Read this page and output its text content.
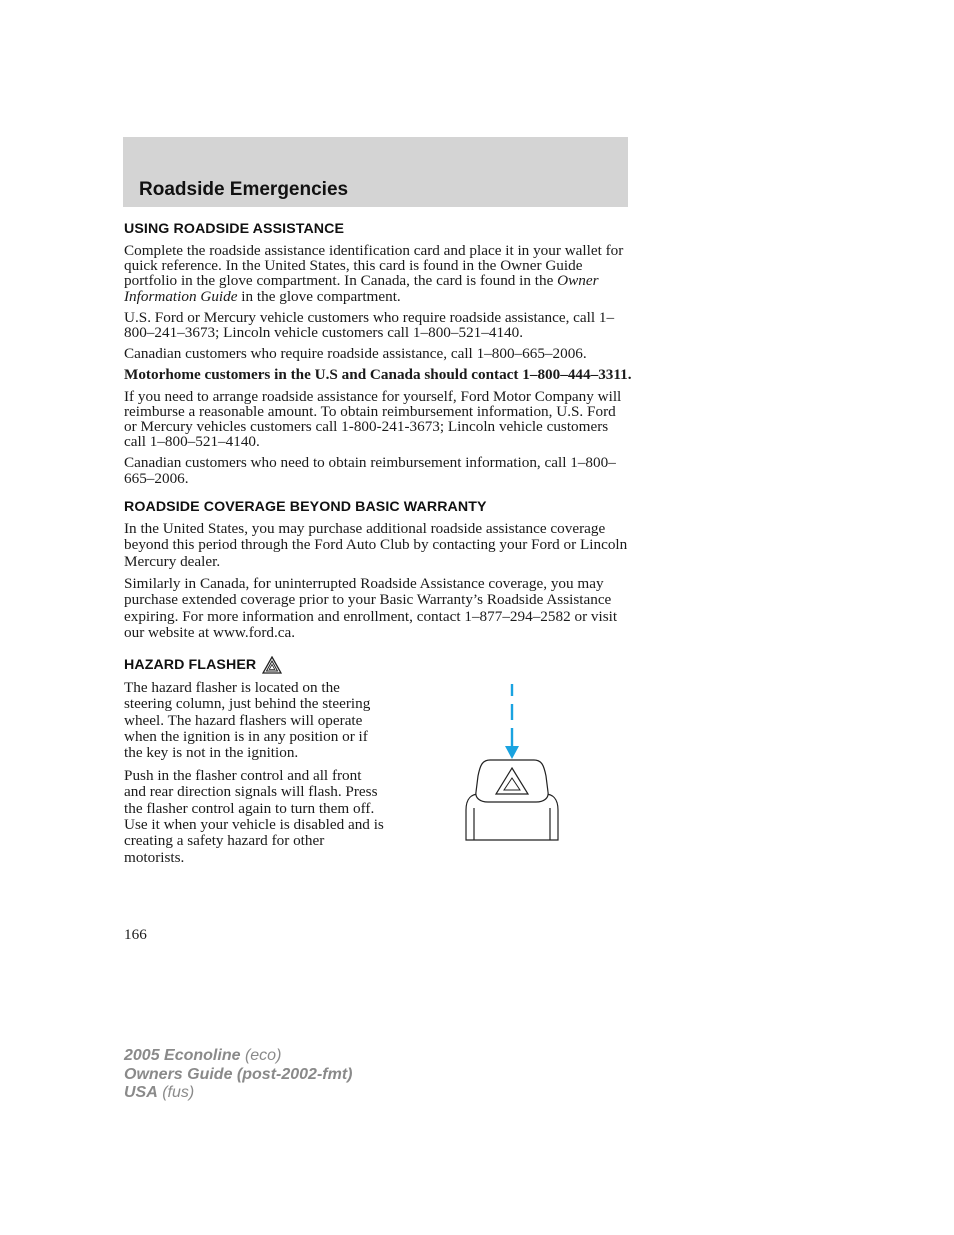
Roadside Emergencies
USING ROADSIDE ASSISTANCE

Complete the roadside assistance identification card and place it in your wallet for quick reference. In the United States, this card is found in the Owner Guide portfolio in the glove compartment. In Canada, the card is found in the Owner Information Guide in the glove compartment.

U.S. Ford or Mercury vehicle customers who require roadside assistance, call 1–800–241–3673; Lincoln vehicle customers call 1–800–521–4140.

Canadian customers who require roadside assistance, call 1–800–665–2006.

Motorhome customers in the U.S and Canada should contact 1–800–444–3311.

If you need to arrange roadside assistance for yourself, Ford Motor Company will reimburse a reasonable amount. To obtain reimbursement information, U.S. Ford or Mercury vehicles customers call 1-800-241-3673; Lincoln vehicle customers call 1–800–521–4140.

Canadian customers who need to obtain reimbursement information, call 1–800–665–2006.

ROADSIDE COVERAGE BEYOND BASIC WARRANTY

In the United States, you may purchase additional roadside assistance coverage beyond this period through the Ford Auto Club by contacting your Ford or Lincoln Mercury dealer.

Similarly in Canada, for uninterrupted Roadside Assistance coverage, you may purchase extended coverage prior to your Basic Warranty’s Roadside Assistance expiring. For more information and enrollment, contact 1–877–294–2582 or visit our website at www.ford.ca.

HAZARD FLASHER

The hazard flasher is located on the steering column, just behind the steering wheel. The hazard flashers will operate when the ignition is in any position or if the key is not in the ignition.

Push in the flasher control and all front and rear direction signals will flash. Press the flasher control again to turn them off. Use it when your vehicle is disabled and is creating a safety hazard for other motorists.

166
2005 Econoline (eco)
Owners Guide (post-2002-fmt)
USA (fus)
